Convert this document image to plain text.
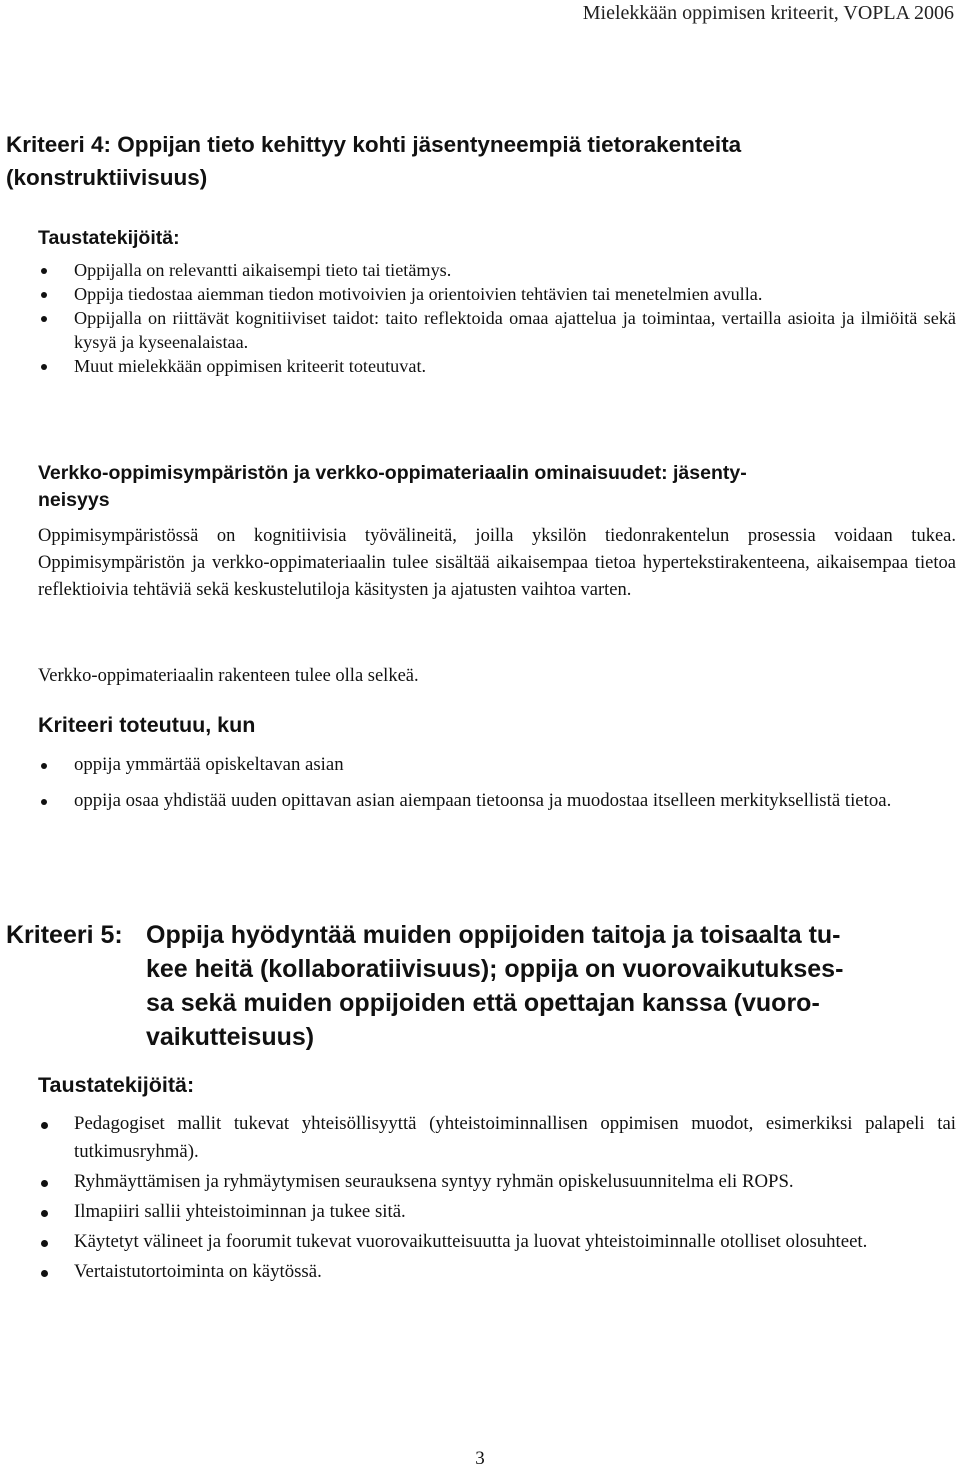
Mielekkään oppimisen kriteerit, VOPLA 2006
Kriteeri 4: Oppijan tieto kehittyy kohti jäsentyneempiä tietorakenteita
(konstruktiivisuus)
Taustatekijöitä:
Oppijalla on relevantti aikaisempi tieto tai tietämys.
Oppija tiedostaa aiemman tiedon motivoivien ja orientoivien tehtävien tai menetelmien avulla.
Oppijalla on riittävät kognitiiviset taidot: taito reflektoida omaa ajattelua ja toimintaa, vertailla asioita ja ilmiöitä sekä kysyä ja kyseenalaistaa.
Muut mielekkään oppimisen kriteerit toteutuvat.
Verkko-oppimisympäristön ja verkko-oppimateriaalin ominaisuudet: jäsenty-
neisyys

Oppimisympäristössä on kognitiivisia työvälineitä, joilla yksilön tiedonrakentelun prosessia voidaan tukea. Oppimisympäristön ja verkko-oppimateriaalin tulee sisältää aikaisempaa tietoa hypertekstirakenteena, aikaisempaa tietoa reflektioivia tehtäviä sekä keskustelutiloja käsitysten ja ajatusten vaihtoa varten.

Verkko-oppimateriaalin rakenteen tulee olla selkeä.

Kriteeri toteutuu, kun
oppija ymmärtää opiskeltavan asian
oppija osaa yhdistää uuden opittavan asian aiempaan tietoonsa ja muodostaa itselleen merkityksellistä tietoa.
Kriteeri 5: Oppija hyödyntää muiden oppijoiden taitoja ja toisaalta tu-
kee heitä (kollaboratiivisuus); oppija on vuorovaikutukses-
sa sekä muiden oppijoiden että opettajan kanssa (vuoro-
vaikutteisuus)
Taustatekijöitä:
Pedagogiset mallit tukevat yhteisöllisyyttä (yhteistoiminnallisen oppimisen muodot, esimerkiksi palapeli tai tutkimusryhmä).
Ryhmäyttämisen ja ryhmäytymisen seurauksena syntyy ryhmän opiskelusuunnitelma eli ROPS.
Ilmapiiri sallii yhteistoiminnan ja tukee sitä.
Käytetyt välineet ja foorumit tukevat vuorovaikutteisuutta ja luovat yhteistoiminnalle otolliset olosuhteet.
Vertaistutortoiminta on käytössä.
3
